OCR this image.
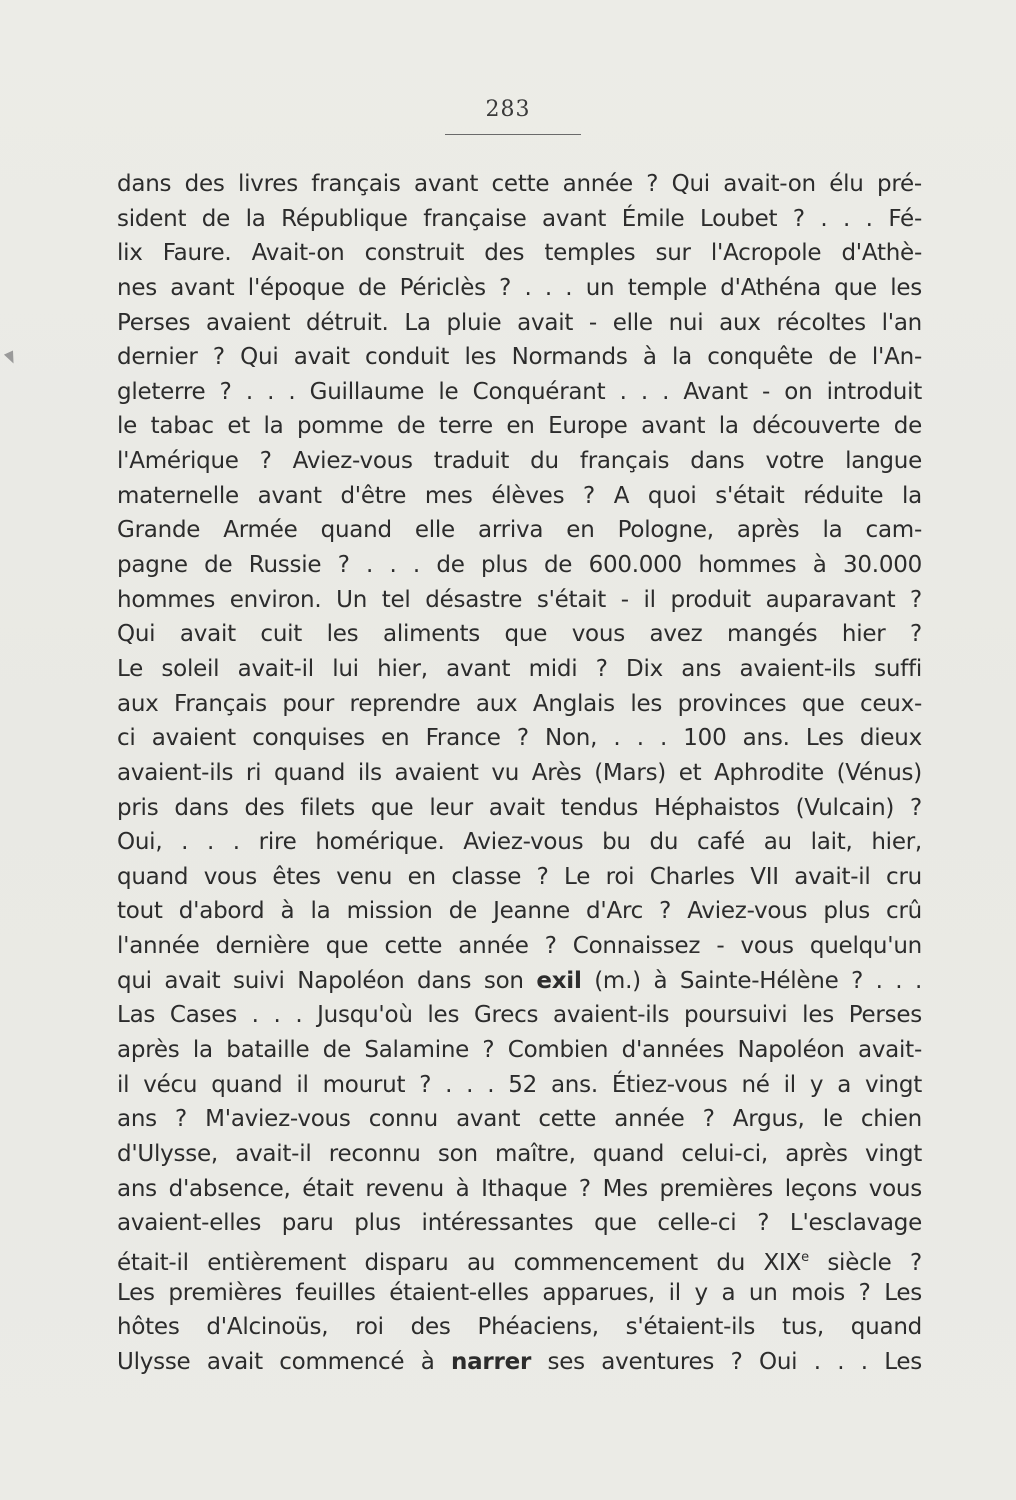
283
dans des livres français avant cette année ? Qui avait-on élu pré-
sident de la République française avant Émile Loubet ? . . . Fé-
lix Faure. Avait-on construit des temples sur l'Acropole d'Athè-
nes avant l'époque de Périclès ? . . . un temple d'Athéna que les
Perses avaient détruit. La pluie avait - elle nui aux récoltes l'an
dernier ? Qui avait conduit les Normands à la conquête de l'An-
gleterre ? . . . Guillaume le Conquérant . . . Avant - on introduit
le tabac et la pomme de terre en Europe avant la découverte de
l'Amérique ? Aviez-vous traduit du français dans votre langue
maternelle avant d'être mes élèves ? A quoi s'était réduite la
Grande Armée quand elle arriva en Pologne, après la cam-
pagne de Russie ? . . . de plus de 600.000 hommes à 30.000
hommes environ. Un tel désastre s'était - il produit auparavant ?
Qui avait cuit les aliments que vous avez mangés hier ?
Le soleil avait-il lui hier, avant midi ? Dix ans avaient-ils suffi
aux Français pour reprendre aux Anglais les provinces que ceux-
ci avaient conquises en France ? Non, . . . 100 ans. Les dieux
avaient-ils ri quand ils avaient vu Arès (Mars) et Aphrodite (Vénus)
pris dans des filets que leur avait tendus Héphaistos (Vulcain) ?
Oui, . . . rire homérique. Aviez-vous bu du café au lait, hier,
quand vous êtes venu en classe ? Le roi Charles VII avait-il cru
tout d'abord à la mission de Jeanne d'Arc ? Aviez-vous plus crû
l'année dernière que cette année ? Connaissez - vous quelqu'un
qui avait suivi Napoléon dans son exil (m.) à Sainte-Hélène ? . . .
Las Cases . . . Jusqu'où les Grecs avaient-ils poursuivi les Perses
après la bataille de Salamine ? Combien d'années Napoléon avait-
il vécu quand il mourut ? . . . 52 ans. Étiez-vous né il y a vingt
ans ? M'aviez-vous connu avant cette année ? Argus, le chien
d'Ulysse, avait-il reconnu son maître, quand celui-ci, après vingt
ans d'absence, était revenu à Ithaque ? Mes premières leçons vous
avaient-elles paru plus intéressantes que celle-ci ? L'esclavage
était-il entièrement disparu au commencement du XIXe siècle ?
Les premières feuilles étaient-elles apparues, il y a un mois ? Les
hôtes d'Alcinoüs, roi des Phéaciens, s'étaient-ils tus, quand
Ulysse avait commencé à narrer ses aventures ? Oui . . . Les
